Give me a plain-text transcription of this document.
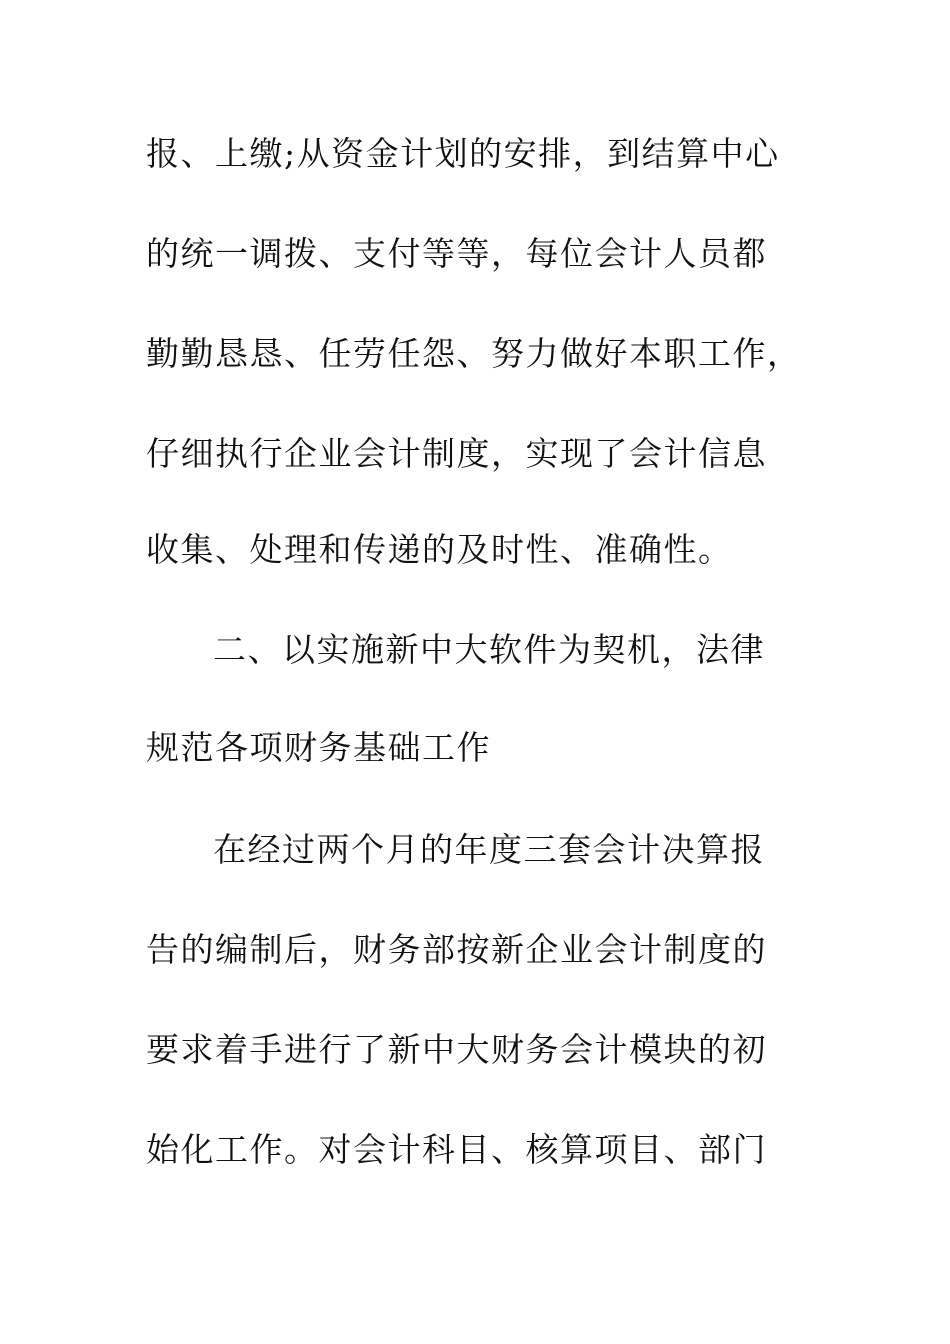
报、上缴;从资金计划的安排，到结算中心
的统一调拨、支付等等，每位会计人员都
勤勤恳恳、任劳任怨、努力做好本职工作，
仔细执行企业会计制度，实现了会计信息
收集、处理和传递的及时性、准确性。
二、以实施新中大软件为契机，法律
规范各项财务基础工作
在经过两个月的年度三套会计决算报
告的编制后，财务部按新企业会计制度的
要求着手进行了新中大财务会计模块的初
始化工作。对会计科目、核算项目、部门
